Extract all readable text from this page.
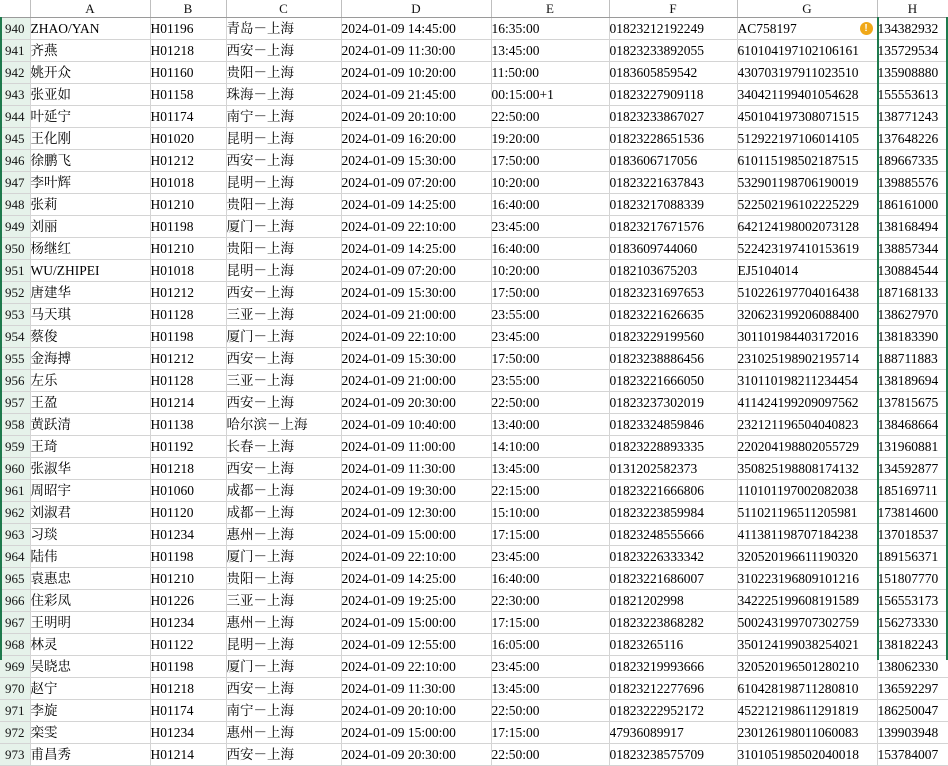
	A	B	C	D	E	F	G	H
940	ZHAO/YAN	H01196	青岛－上海	2024-01-09 14:45:00	16:35:00	01823212192249	AC758197 !	134382932
941	齐燕	H01218	西安－上海	2024-01-09 11:30:00	13:45:00	01823233892055	610104197102106161	135729534
942	姚开众	H01160	贵阳－上海	2024-01-09 10:20:00	11:50:00	0183605859542	430703197911023510	135908880
943	张亚如	H01158	珠海－上海	2024-01-09 21:45:00	00:15:00+1	01823227909118	340421199401054628	155553613
944	叶延宁	H01174	南宁－上海	2024-01-09 20:10:00	22:50:00	01823233867027	450104197308071515	138771243
945	王化刚	H01020	昆明－上海	2024-01-09 16:20:00	19:20:00	01823228651536	512922197106014105	137648226
946	徐鹏飞	H01212	西安－上海	2024-01-09 15:30:00	17:50:00	0183606717056	610115198502187515	189667335
947	李叶辉	H01018	昆明－上海	2024-01-09 07:20:00	10:20:00	01823221637843	532901198706190019	139885576
948	张莉	H01210	贵阳－上海	2024-01-09 14:25:00	16:40:00	01823217088339	522502196102225229	186161000
949	刘丽	H01198	厦门－上海	2024-01-09 22:10:00	23:45:00	01823217671576	642124198002073128	138168494
950	杨继红	H01210	贵阳－上海	2024-01-09 14:25:00	16:40:00	0183609744060	522423197410153619	138857344
951	WU/ZHIPEI	H01018	昆明－上海	2024-01-09 07:20:00	10:20:00	0182103675203	EJ5104014	130884544
952	唐建华	H01212	西安－上海	2024-01-09 15:30:00	17:50:00	01823231697653	510226197704016438	187168133
953	马天琪	H01128	三亚－上海	2024-01-09 21:00:00	23:55:00	01823221626635	320623199206088400	138627970
954	蔡俊	H01198	厦门－上海	2024-01-09 22:10:00	23:45:00	01823229199560	301101984403172016	138183390
955	金海搏	H01212	西安－上海	2024-01-09 15:30:00	17:50:00	01823238886456	231025198902195714	188711883
956	左乐	H01128	三亚－上海	2024-01-09 21:00:00	23:55:00	01823221666050	310110198211234454	138189694
957	王盈	H01214	西安－上海	2024-01-09 20:30:00	22:50:00	01823237302019	411424199209097562	137815675
958	黄跃清	H01138	哈尔滨－上海	2024-01-09 10:40:00	13:40:00	01823324859846	232121196504040823	138468664
959	王琦	H01192	长春－上海	2024-01-09 11:00:00	14:10:00	01823228893335	220204198802055729	131960881
960	张淑华	H01218	西安－上海	2024-01-09 11:30:00	13:45:00	0131202582373	350825198808174132	134592877
961	周昭宇	H01060	成都－上海	2024-01-09 19:30:00	22:15:00	01823221666806	110101197002082038	185169711
962	刘淑君	H01120	成都－上海	2024-01-09 12:30:00	15:10:00	01823223859984	511021196511205981	173814600
963	习琰	H01234	惠州－上海	2024-01-09 15:00:00	17:15:00	01823248555666	411381198707184238	137018537
964	陆伟	H01198	厦门－上海	2024-01-09 22:10:00	23:45:00	01823226333342	320520196611190320	189156371
965	袁惠忠	H01210	贵阳－上海	2024-01-09 14:25:00	16:40:00	01823221686007	310223196809101216	151807770
966	住彩凤	H01226	三亚－上海	2024-01-09 19:25:00	22:30:00	01821202998	342225199608191589	156553173
967	王明明	H01234	惠州－上海	2024-01-09 15:00:00	17:15:00	01823223868282	500243199707302759	156273330
968	林灵	H01122	昆明－上海	2024-01-09 12:55:00	16:05:00	01823265116	350124199038254021	138182243
969	吴晓忠	H01198	厦门－上海	2024-01-09 22:10:00	23:45:00	01823219993666	320520196501280210	138062330
970	赵宁	H01218	西安－上海	2024-01-09 11:30:00	13:45:00	01823212277696	610428198711280810	136592297
971	李旋	H01174	南宁－上海	2024-01-09 20:10:00	22:50:00	01823222952172	452212198611291819	186250047
972	栾雯	H01234	惠州－上海	2024-01-09 15:00:00	17:15:00	47936089917	230126198011060083	139903948
973	甫昌秀	H01214	西安－上海	2024-01-09 20:30:00	22:50:00	01823238575709	310105198502040018	153784007
